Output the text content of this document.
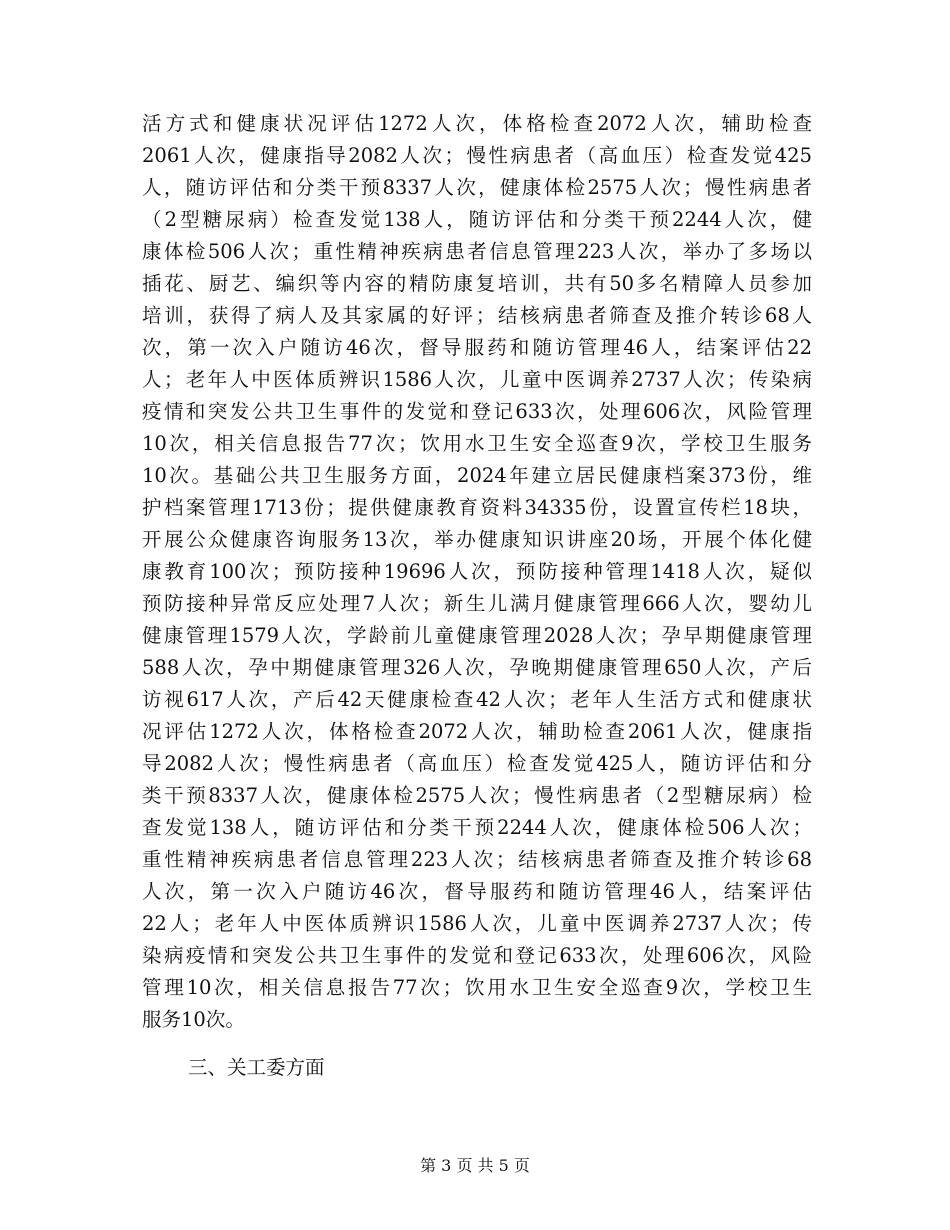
活方式和健康状况评估1272人次，体格检查2072人次，辅助检查
2061人次，健康指导2082人次；慢性病患者（高血压）检查发觉425
人，随访评估和分类干预8337人次，健康体检2575人次；慢性病患者
（2型糖尿病）检查发觉138人，随访评估和分类干预2244人次，健
康体检506人次；重性精神疾病患者信息管理223人次，举办了多场以
插花、厨艺、编织等内容的精防康复培训，共有50多名精障人员参加
培训，获得了病人及其家属的好评；结核病患者筛查及推介转诊68人
次，第一次入户随访46次，督导服药和随访管理46人，结案评估22
人；老年人中医体质辨识1586人次，儿童中医调养2737人次；传染病
疫情和突发公共卫生事件的发觉和登记633次，处理606次，风险管理
10次，相关信息报告77次；饮用水卫生安全巡查9次，学校卫生服务
10次。基础公共卫生服务方面，2024年建立居民健康档案373份，维
护档案管理1713份；提供健康教育资料34335份，设置宣传栏18块，
开展公众健康咨询服务13次，举办健康知识讲座20场，开展个体化健
康教育100次；预防接种19696人次，预防接种管理1418人次，疑似
预防接种异常反应处理7人次；新生儿满月健康管理666人次，婴幼儿
健康管理1579人次，学龄前儿童健康管理2028人次；孕早期健康管理
588人次，孕中期健康管理326人次，孕晚期健康管理650人次，产后
访视617人次，产后42天健康检查42人次；老年人生活方式和健康状
况评估1272人次，体格检查2072人次，辅助检查2061人次，健康指
导2082人次；慢性病患者（高血压）检查发觉425人，随访评估和分
类干预8337人次，健康体检2575人次；慢性病患者（2型糖尿病）检
查发觉138人，随访评估和分类干预2244人次，健康体检506人次；
重性精神疾病患者信息管理223人次；结核病患者筛查及推介转诊68
人次，第一次入户随访46次，督导服药和随访管理46人，结案评估
22人；老年人中医体质辨识1586人次，儿童中医调养2737人次；传
染病疫情和突发公共卫生事件的发觉和登记633次，处理606次，风险
管理10次，相关信息报告77次；饮用水卫生安全巡查9次，学校卫生
服务10次。
三、关工委方面
第 3 页 共 5 页
